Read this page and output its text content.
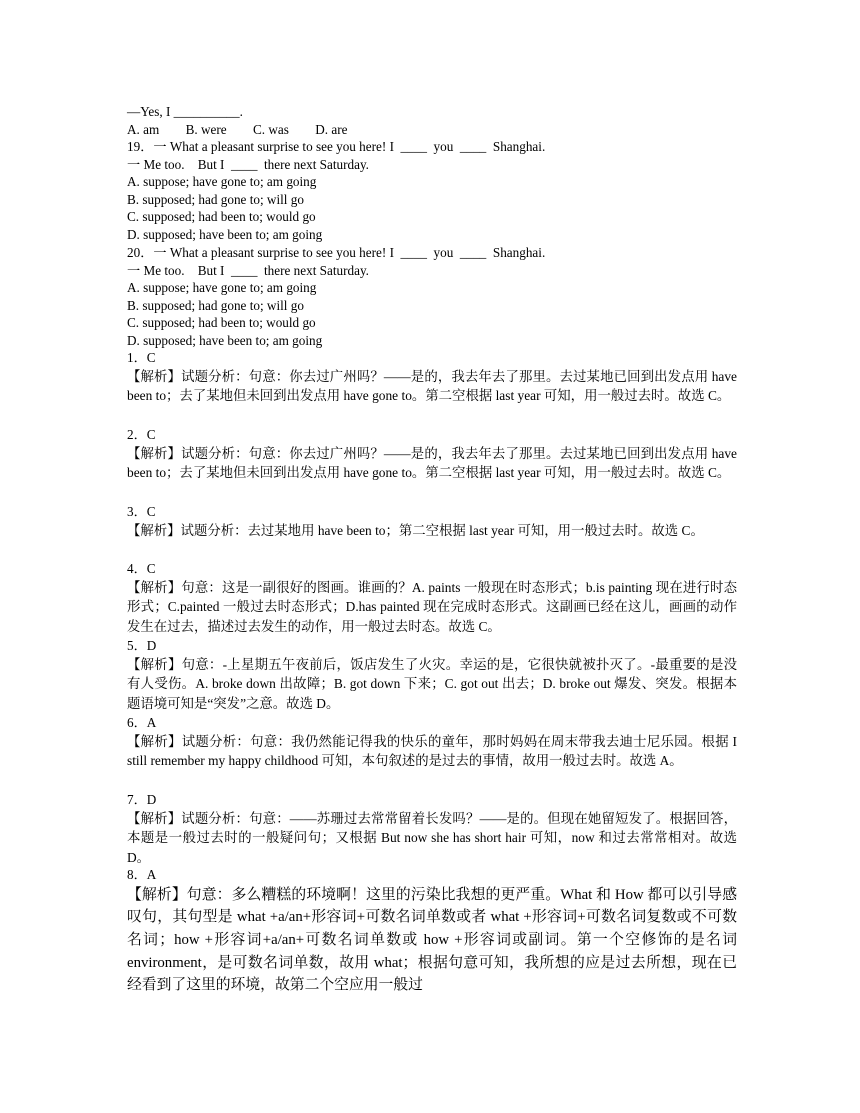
—Yes, I __________.
A. am        B. were        C. was        D. are
19．一 What a pleasant surprise to see you here! I  ____  you  ____  Shanghai.
一 Me too.    But I  ____  there next Saturday.
A. suppose; have gone to; am going
B. supposed; had gone to; will go
C. supposed; had been to; would go
D. supposed; have been to; am going
20．一 What a pleasant surprise to see you here! I  ____  you  ____  Shanghai.
一 Me too.    But I  ____  there next Saturday.
A. suppose; have gone to; am going
B. supposed; had gone to; will go
C. supposed; had been to; would go
D. supposed; have been to; am going
1．C
【解析】试题分析：句意：你去过广州吗？——是的，我去年去了那里。去过某地已回到出发点用 have been to；去了某地但未回到出发点用 have gone to。第二空根据 last year 可知，用一般过去时。故选 C。
2．C
【解析】试题分析：句意：你去过广州吗？——是的，我去年去了那里。去过某地已回到出发点用 have been to；去了某地但未回到出发点用 have gone to。第二空根据 last year 可知，用一般过去时。故选 C。
3．C
【解析】试题分析：去过某地用 have been to；第二空根据 last year 可知，用一般过去时。故选 C。
4．C
【解析】句意：这是一副很好的图画。谁画的？A. paints 一般现在时态形式；b.is painting 现在进行时态形式；C.painted 一般过去时态形式；D.has painted 现在完成时态形式。这副画已经在这儿，画画的动作发生在过去，描述过去发生的动作，用一般过去时态。故选 C。
5．D
【解析】句意：-上星期五午夜前后，饭店发生了火灾。幸运的是，它很快就被扑灭了。-最重要的是没有人受伤。A. broke down 出故障；B. got down 下来；C. got out 出去；D. broke out 爆发、突发。根据本题语境可知是“突发”之意。故选 D。
6．A
【解析】试题分析：句意：我仍然能记得我的快乐的童年，那时妈妈在周末带我去迪士尼乐园。根据 I still remember my happy childhood 可知，本句叙述的是过去的事情，故用一般过去时。故选 A。
7．D
【解析】试题分析：句意：——苏珊过去常常留着长发吗？——是的。但现在她留短发了。根据回答，本题是一般过去时的一般疑问句；又根据 But now she has short hair 可知，now 和过去常常相对。故选 D。
8．A
【解析】句意：多么糟糕的环境啊！这里的污染比我想的更严重。What 和 How 都可以引导感叹句，其句型是 what +a/an+形容词+可数名词单数或者 what +形容词+可数名词复数或不可数名词；how +形容词+a/an+可数名词单数或 how +形容词或副词。第一个空修饰的是名词 environment，是可数名词单数，故用 what；根据句意可知，我所想的应是过去所想，现在已经看到了这里的环境，故第二个空应用一般过
